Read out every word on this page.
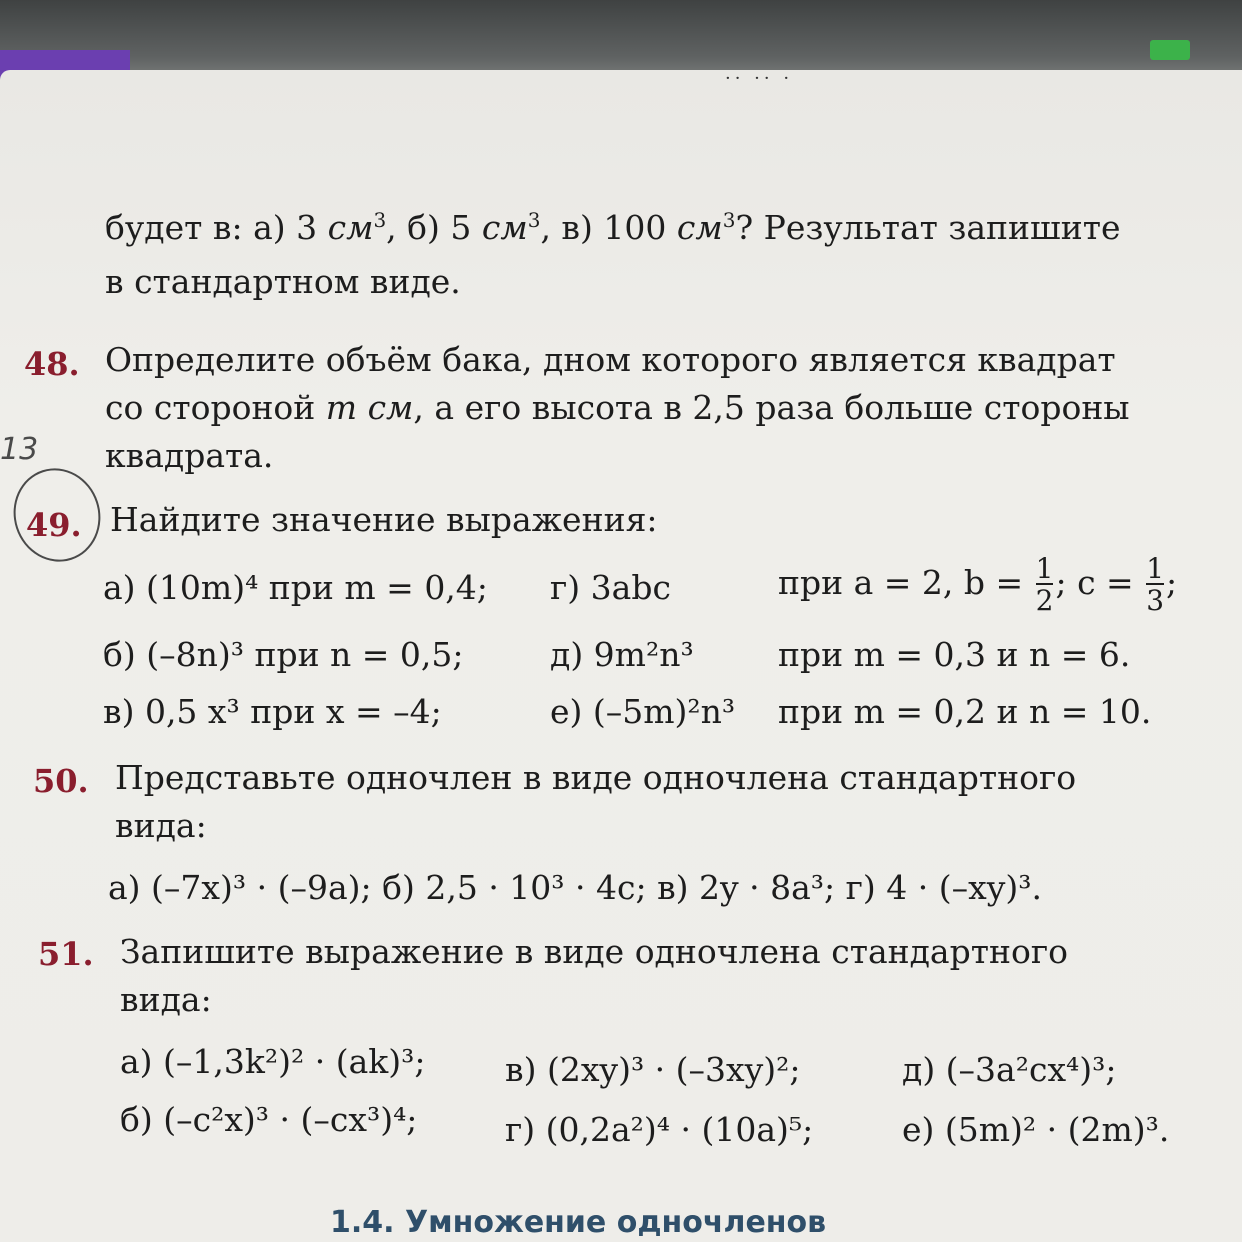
·· ·· ·
будет в: а) 3 $см^3$, б) 5 $см^3$, в) 100 $см^3$? Результат запишите
в стандартном виде.
48. Определите объём бака, дном которого является квадрат
со стороной m см, а его высота в 2,5 раза больше стороны
квадрата.
13
49. Найдите значение выражения:
а) (10m)⁴ при m = 0,4;
б) (–8n)³ при n = 0,5;
в) 0,5 x³ при x = –4;
г) 3abc
д) 9m²n³
е) (–5m)²n³
при a = 2, $b = \frac{1}{2}$ ; $c = \frac{1}{3}$ ;
при m = 0,3 и n = 6.
при m = 0,2 и n = 10.
50. Представьте одночлен в виде одночлена стандартного
вида:
а) (–7x)³ · (–9a); б) 2,5 · 10³ · 4c; в) 2y · 8a³; г) 4 · (–xy)³.
51. Запишите выражение в виде одночлена стандартного
вида:
а) (–1,3k²)² · (ak)³;
б) (–c²x)³ · (–cx³)⁴;
в) (2xy)³ · (–3xy)²;
г) (0,2a²)⁴ · (10a)⁵;
д) (–3a²cx⁴)³;
е) (5m)² · (2m)³.
1.4. Умножение одночленов
